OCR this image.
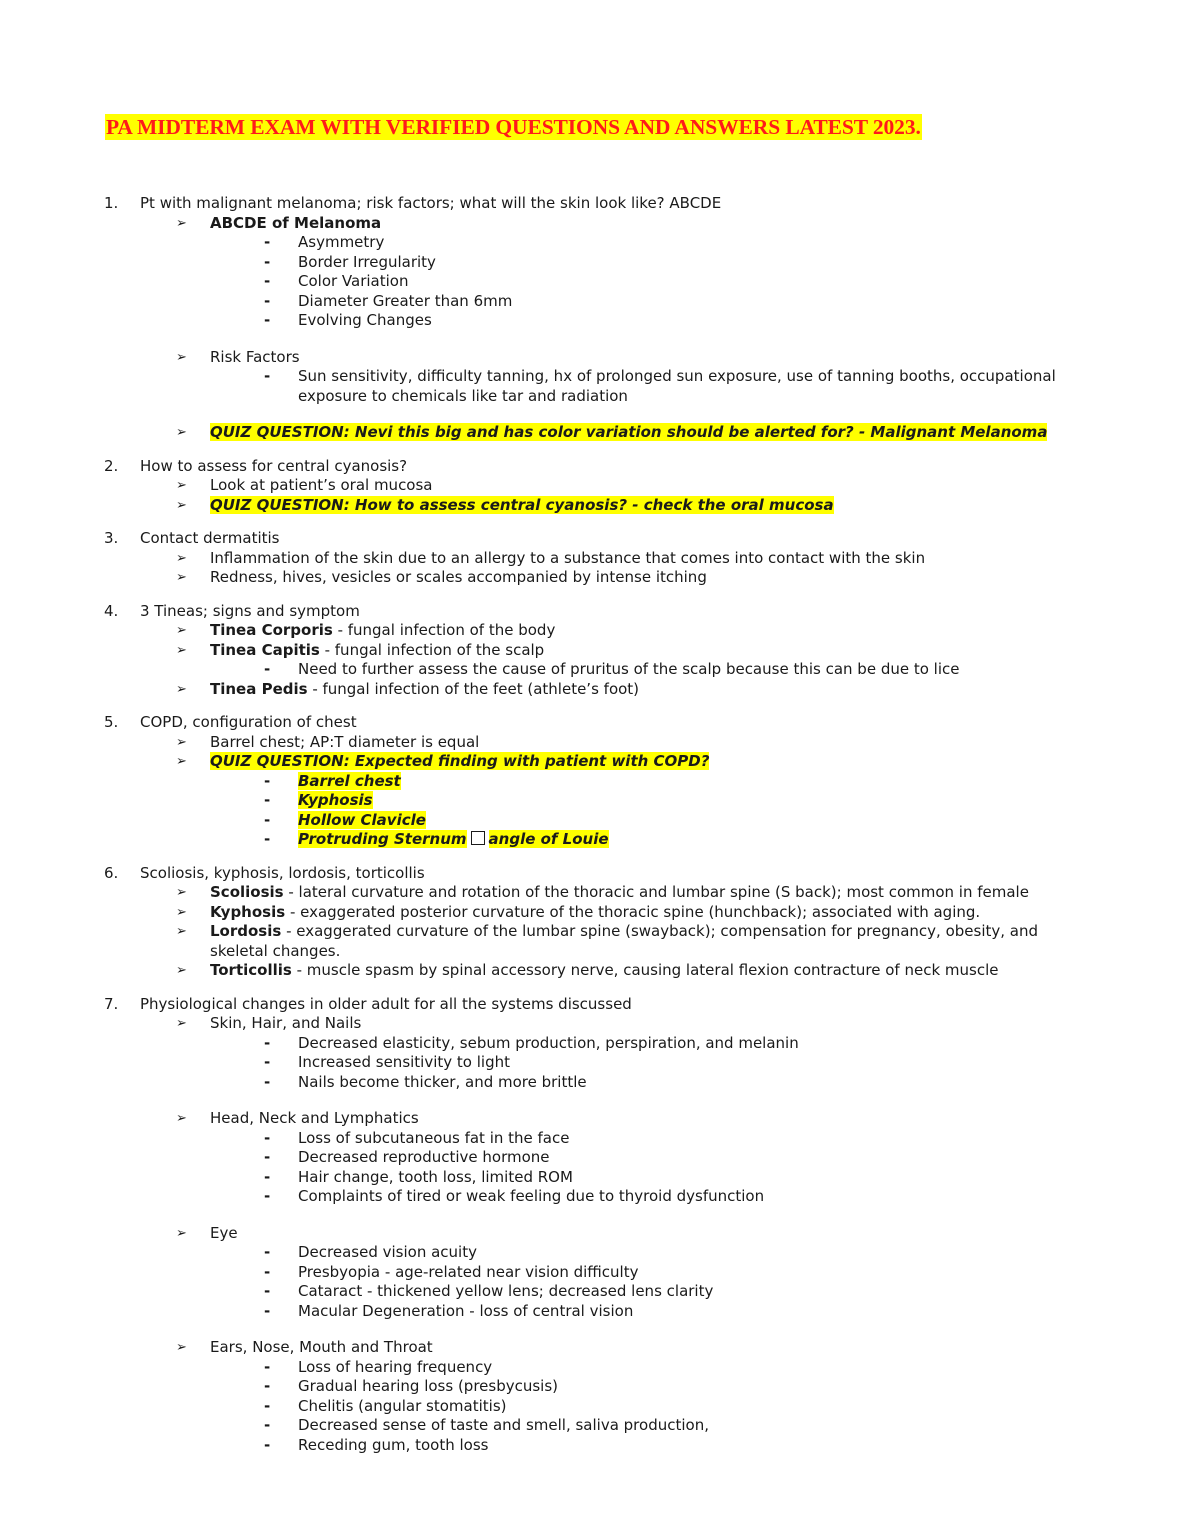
PA MIDTERM EXAM WITH VERIFIED QUESTIONS AND ANSWERS LATEST 2023.
1. Pt with malignant melanoma; risk factors; what will the skin look like? ABCDE
➢ ABCDE of Melanoma
- Asymmetry
- Border Irregularity
- Color Variation
- Diameter Greater than 6mm
- Evolving Changes
➢ Risk Factors
- Sun sensitivity, difficulty tanning, hx of prolonged sun exposure, use of tanning booths, occupational
exposure to chemicals like tar and radiation
➢ QUIZ QUESTION: Nevi this big and has color variation should be alerted for? - Malignant Melanoma
2. How to assess for central cyanosis?
➢ Look at patient’s oral mucosa
➢ QUIZ QUESTION: How to assess central cyanosis? - check the oral mucosa
3. Contact dermatitis
➢ Inflammation of the skin due to an allergy to a substance that comes into contact with the skin
➢ Redness, hives, vesicles or scales accompanied by intense itching
4. 3 Tineas; signs and symptom
➢ Tinea Corporis - fungal infection of the body
➢ Tinea Capitis - fungal infection of the scalp
- Need to further assess the cause of pruritus of the scalp because this can be due to lice
➢ Tinea Pedis - fungal infection of the feet (athlete’s foot)
5. COPD, configuration of chest
➢ Barrel chest; AP:T diameter is equal
➢ QUIZ QUESTION: Expected finding with patient with COPD?
- Barrel chest
- Kyphosis
- Hollow Clavicle
- Protruding Sternum angle of Louie
6. Scoliosis, kyphosis, lordosis, torticollis
➢ Scoliosis - lateral curvature and rotation of the thoracic and lumbar spine (S back); most common in female
➢ Kyphosis - exaggerated posterior curvature of the thoracic spine (hunchback); associated with aging.
➢ Lordosis - exaggerated curvature of the lumbar spine (swayback); compensation for pregnancy, obesity, and
skeletal changes.
➢ Torticollis - muscle spasm by spinal accessory nerve, causing lateral flexion contracture of neck muscle
7. Physiological changes in older adult for all the systems discussed
➢ Skin, Hair, and Nails
- Decreased elasticity, sebum production, perspiration, and melanin
- Increased sensitivity to light
- Nails become thicker, and more brittle
➢ Head, Neck and Lymphatics
- Loss of subcutaneous fat in the face
- Decreased reproductive hormone
- Hair change, tooth loss, limited ROM
- Complaints of tired or weak feeling due to thyroid dysfunction
➢ Eye
- Decreased vision acuity
- Presbyopia - age-related near vision difficulty
- Cataract - thickened yellow lens; decreased lens clarity
- Macular Degeneration - loss of central vision
➢ Ears, Nose, Mouth and Throat
- Loss of hearing frequency
- Gradual hearing loss (presbycusis)
- Chelitis (angular stomatitis)
- Decreased sense of taste and smell, saliva production,
- Receding gum, tooth loss
